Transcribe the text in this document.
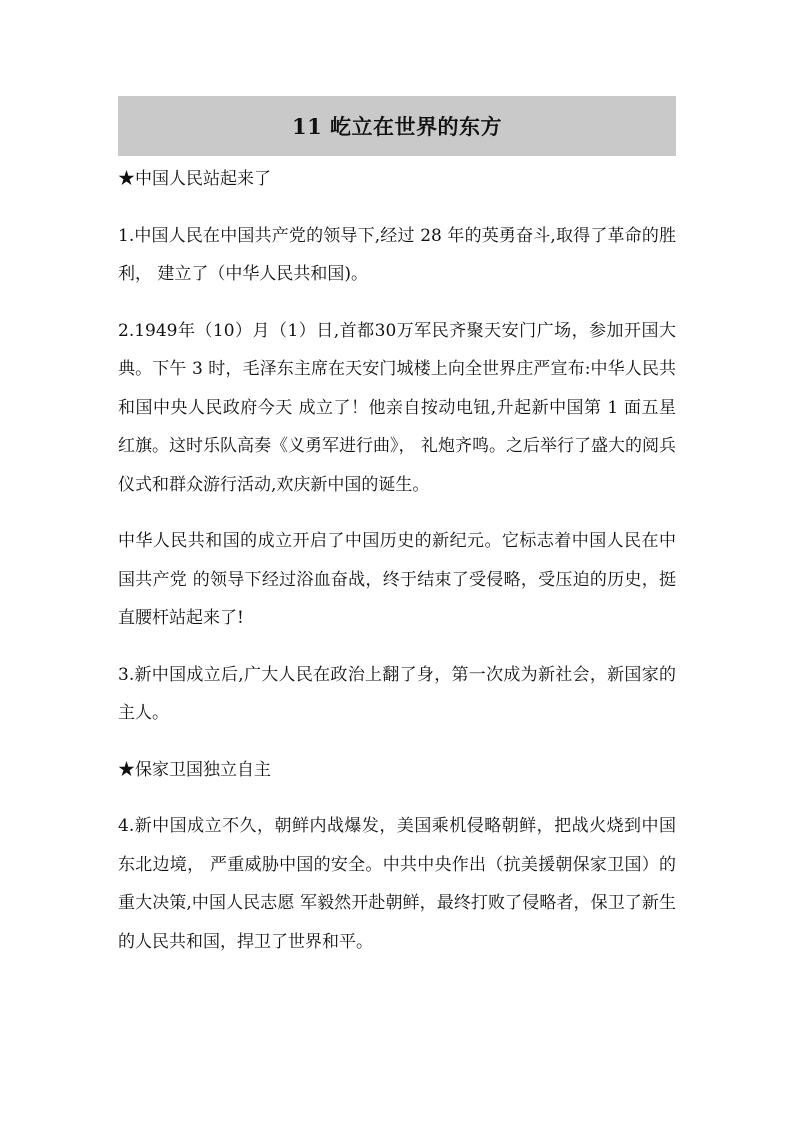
11 屹立在世界的东方

★中国人民站起来了

1.中国人民在中国共产党的领导下,经过 28 年的英勇奋斗,取得了革命的胜利， 建立了（中华人民共和国)。

2.1949年（10）月（1）日,首都30万军民齐聚天安门广场，参加开国大典。下午 3 时，毛泽东主席在天安门城楼上向全世界庄严宣布:中华人民共和国中央人民政府今天 成立了！他亲自按动电钮,升起新中国第 1 面五星红旗。这时乐队高奏《义勇军进行曲》， 礼炮齐鸣。之后举行了盛大的阅兵仪式和群众游行活动,欢庆新中国的诞生。

中华人民共和国的成立开启了中国历史的新纪元。它标志着中国人民在中国共产党 的领导下经过浴血奋战，终于结束了受侵略，受压迫的历史，挺直腰杆站起来了!

3.新中国成立后,广大人民在政治上翻了身，第一次成为新社会，新国家的主人。

★保家卫国独立自主

4.新中国成立不久，朝鲜内战爆发，美国乘机侵略朝鲜，把战火烧到中国东北边境， 严重威胁中国的安全。中共中央作出（抗美援朝保家卫国）的重大决策,中国人民志愿 军毅然开赴朝鲜，最终打败了侵略者，保卫了新生的人民共和国，捍卫了世界和平。
